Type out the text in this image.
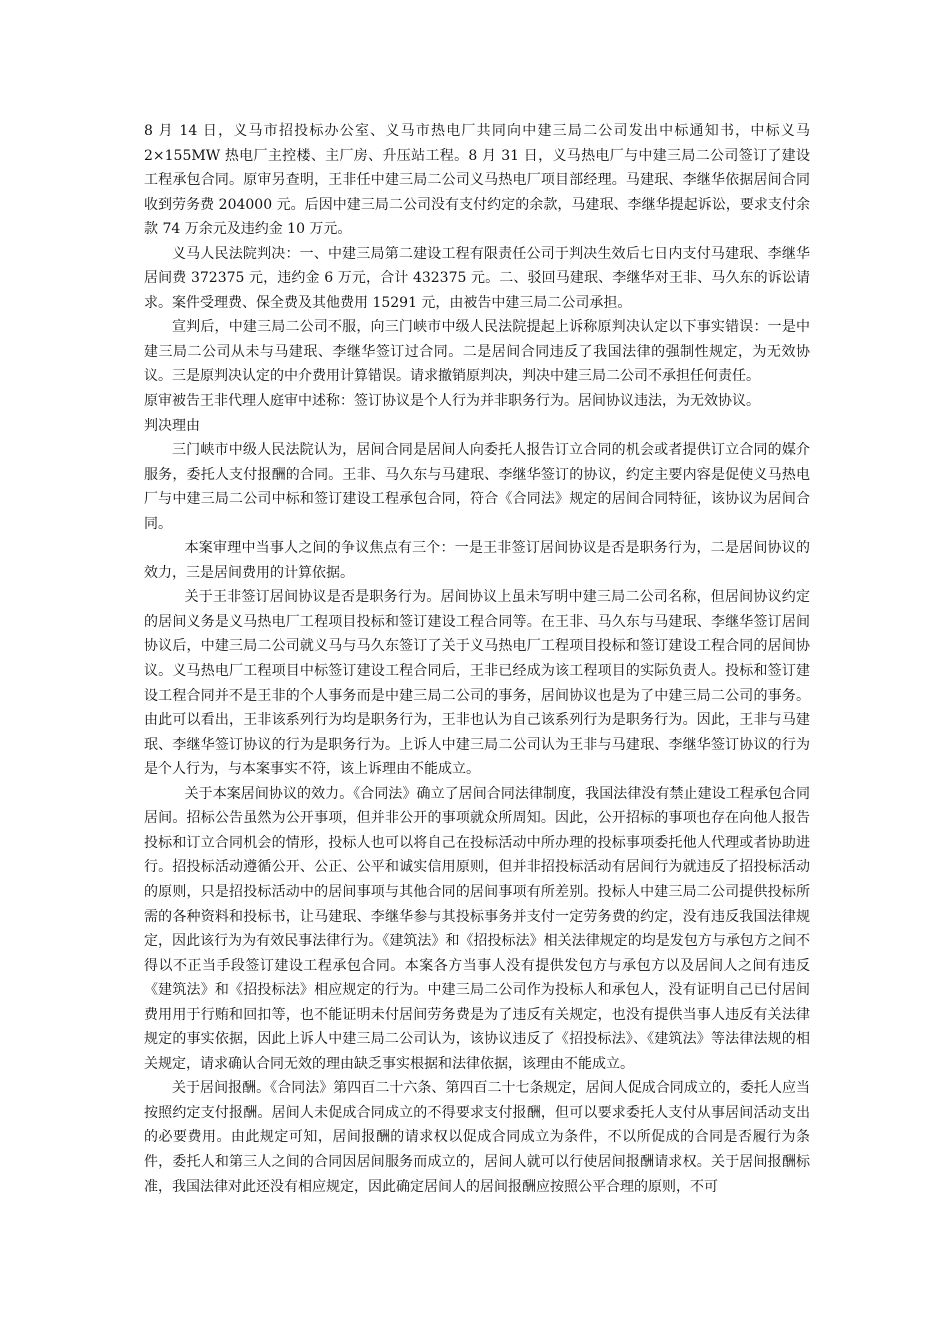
8 月 14 日，义马市招投标办公室、义马市热电厂共同向中建三局二公司发出中标通知书，中标义马 2×155MW 热电厂主控楼、主厂房、升压站工程。8 月 31 日，义马热电厂与中建三局二公司签订了建设工程承包合同。原审另查明，王非任中建三局二公司义马热电厂项目部经理。马建珉、李继华依据居间合同收到劳务费 204000 元。后因中建三局二公司没有支付约定的余款，马建珉、李继华提起诉讼，要求支付余款 74 万余元及违约金 10 万元。

义马人民法院判决：一、中建三局第二建设工程有限责任公司于判决生效后七日内支付马建珉、李继华居间费 372375 元，违约金 6 万元，合计 432375 元。二、驳回马建珉、李继华对王非、马久东的诉讼请求。案件受理费、保全费及其他费用 15291 元，由被告中建三局二公司承担。

宣判后，中建三局二公司不服，向三门峡市中级人民法院提起上诉称原判决认定以下事实错误：一是中建三局二公司从未与马建珉、李继华签订过合同。二是居间合同违反了我国法律的强制性规定，为无效协议。三是原判决认定的中介费用计算错误。请求撤销原判决，判决中建三局二公司不承担任何责任。

原审被告王非代理人庭审中述称：签订协议是个人行为并非职务行为。居间协议违法，为无效协议。

判决理由

三门峡市中级人民法院认为，居间合同是居间人向委托人报告订立合同的机会或者提供订立合同的媒介服务，委托人支付报酬的合同。王非、马久东与马建珉、李继华签订的协议，约定主要内容是促使义马热电厂与中建三局二公司中标和签订建设工程承包合同，符合《合同法》规定的居间合同特征，该协议为居间合同。

本案审理中当事人之间的争议焦点有三个：一是王非签订居间协议是否是职务行为，二是居间协议的效力，三是居间费用的计算依据。

关于王非签订居间协议是否是职务行为。居间协议上虽未写明中建三局二公司名称，但居间协议约定的居间义务是义马热电厂工程项目投标和签订建设工程合同等。在王非、马久东与马建珉、李继华签订居间协议后，中建三局二公司就义马与马久东签订了关于义马热电厂工程项目投标和签订建设工程合同的居间协议。义马热电厂工程项目中标签订建设工程合同后，王非已经成为该工程项目的实际负责人。投标和签订建设工程合同并不是王非的个人事务而是中建三局二公司的事务，居间协议也是为了中建三局二公司的事务。由此可以看出，王非该系列行为均是职务行为，王非也认为自己该系列行为是职务行为。因此，王非与马建珉、李继华签订协议的行为是职务行为。上诉人中建三局二公司认为王非与马建珉、李继华签订协议的行为是个人行为，与本案事实不符，该上诉理由不能成立。

关于本案居间协议的效力。《合同法》确立了居间合同法律制度，我国法律没有禁止建设工程承包合同居间。招标公告虽然为公开事项，但并非公开的事项就众所周知。因此，公开招标的事项也存在向他人报告投标和订立合同机会的情形，投标人也可以将自己在投标活动中所办理的投标事项委托他人代理或者协助进行。招投标活动遵循公开、公正、公平和诚实信用原则，但并非招投标活动有居间行为就违反了招投标活动的原则，只是招投标活动中的居间事项与其他合同的居间事项有所差别。投标人中建三局二公司提供投标所需的各种资料和投标书，让马建珉、李继华参与其投标事务并支付一定劳务费的约定，没有违反我国法律规定，因此该行为为有效民事法律行为。《建筑法》和《招投标法》相关法律规定的均是发包方与承包方之间不得以不正当手段签订建设工程承包合同。本案各方当事人没有提供发包方与承包方以及居间人之间有违反《建筑法》和《招投标法》相应规定的行为。中建三局二公司作为投标人和承包人，没有证明自己已付居间费用用于行贿和回扣等，也不能证明未付居间劳务费是为了违反有关规定，也没有提供当事人违反有关法律规定的事实依据，因此上诉人中建三局二公司认为，该协议违反了《招投标法》、《建筑法》等法律法规的相关规定，请求确认合同无效的理由缺乏事实根据和法律依据，该理由不能成立。

关于居间报酬。《合同法》第四百二十六条、第四百二十七条规定，居间人促成合同成立的，委托人应当按照约定支付报酬。居间人未促成合同成立的不得要求支付报酬，但可以要求委托人支付从事居间活动支出的必要费用。由此规定可知，居间报酬的请求权以促成合同成立为条件，不以所促成的合同是否履行为条件，委托人和第三人之间的合同因居间服务而成立的，居间人就可以行使居间报酬请求权。关于居间报酬标准，我国法律对此还没有相应规定，因此确定居间人的居间报酬应按照公平合理的原则，不可
